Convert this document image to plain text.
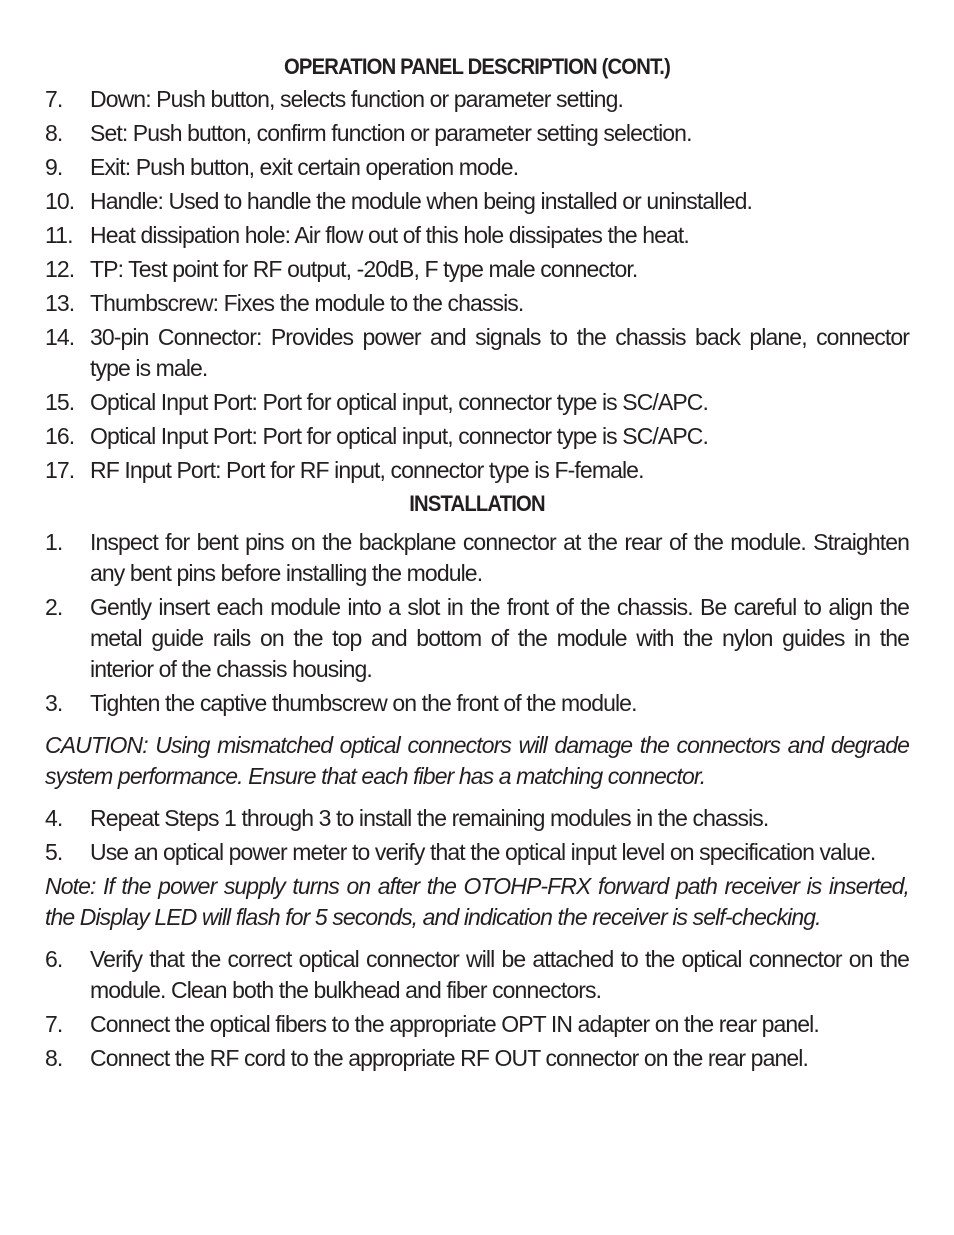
OPERATION PANEL DESCRIPTION (CONT.)
7.	Down: Push button, selects function or parameter setting.
8.	Set: Push button, confirm function or parameter setting selection.
9.	Exit: Push button, exit certain operation mode.
10. Handle: Used to handle the module when being installed or uninstalled.
11. Heat dissipation hole: Air flow out of this hole dissipates the heat.
12. TP: Test point for RF output, -20dB, F type male connector.
13. Thumbscrew: Fixes the module to the chassis.
14. 30-pin Connector: Provides power and signals to the chassis back plane, connector type is male.
15. Optical Input Port: Port for optical input, connector type is SC/APC.
16. Optical Input Port: Port for optical input, connector type is SC/APC.
17. RF Input Port: Port for RF input, connector type is F-female.
INSTALLATION
1.	Inspect for bent pins on the backplane connector at the rear of the module. Straighten any bent pins before installing the module.
2.	Gently insert each module into a slot in the front of the chassis. Be careful to align the metal guide rails on the top and bottom of the module with the nylon guides in the interior of the chassis housing.
3.	Tighten the captive thumbscrew on the front of the module.

CAUTION: Using mismatched optical connectors will damage the connectors and degrade system performance. Ensure that each fiber has a matching connector.

4.	Repeat Steps 1 through 3 to install the remaining modules in the chassis.
5.	Use an optical power meter to verify that the optical input level on specification value.

Note: If the power supply turns on after the OTOHP-FRX forward path receiver is inserted, the Display LED will flash for 5 seconds, and indication the receiver is self-checking.

6.	Verify that the correct optical connector will be attached to the optical connector on the module. Clean both the bulkhead and fiber connectors.
7.	Connect the optical fibers to the appropriate OPT IN adapter on the rear panel.
8.	Connect the RF cord to the appropriate RF OUT connector on the rear panel.
